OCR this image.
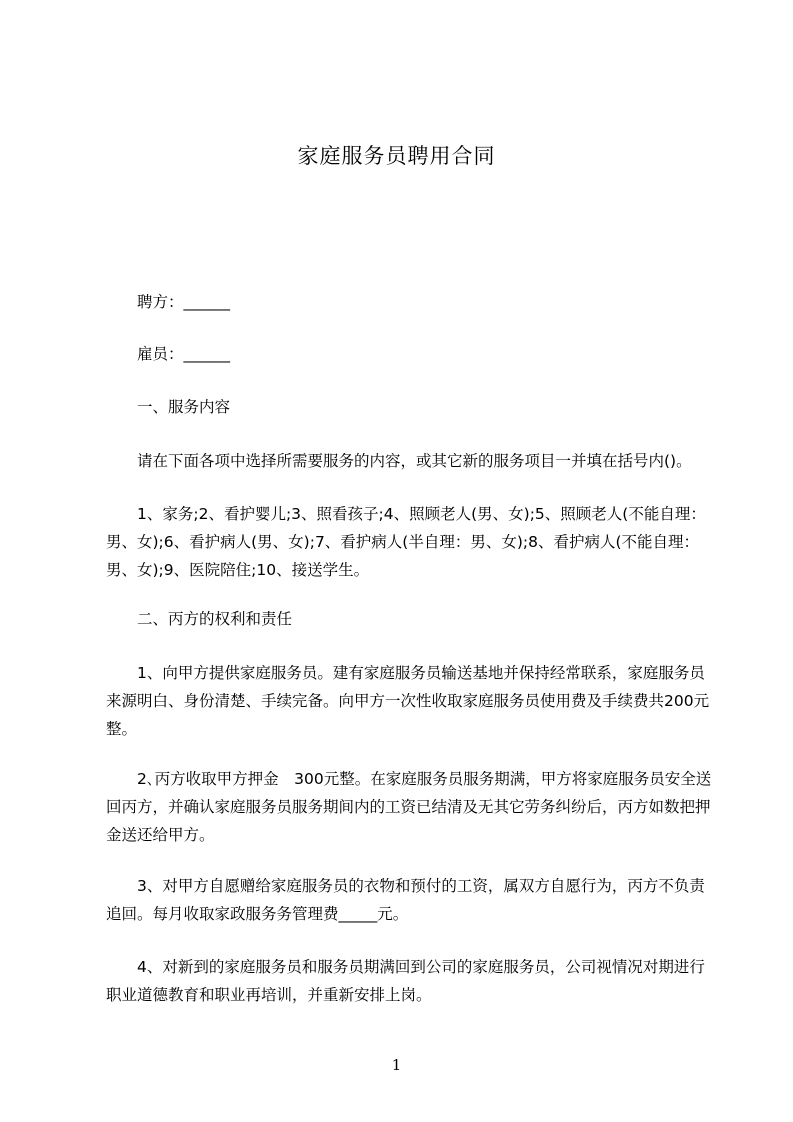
家庭服务员聘用合同

聘方：______

雇员：______

一、服务内容

请在下面各项中选择所需要服务的内容，或其它新的服务项目一并填在括号内()。

1、家务;2、看护婴儿;3、照看孩子;4、照顾老人(男、女);5、照顾老人(不能自理：男、女);6、看护病人(男、女);7、看护病人(半自理：男、女);8、看护病人(不能自理：男、女);9、医院陪住;10、接送学生。

二、丙方的权利和责任

1、向甲方提供家庭服务员。建有家庭服务员输送基地并保持经常联系，家庭服务员来源明白、身份清楚、手续完备。向甲方一次性收取家庭服务员使用费及手续费共200元整。

2､丙方收取甲方押金　300元整。在家庭服务员服务期满，甲方将家庭服务员安全送回丙方，并确认家庭服务员服务期间内的工资已结清及无其它劳务纠纷后，丙方如数把押金送还给甲方。

3、对甲方自愿赠给家庭服务员的衣物和预付的工资，属双方自愿行为，丙方不负责追回。每月收取家政服务务管理费_____元。

4、对新到的家庭服务员和服务员期满回到公司的家庭服务员，公司视情况对期进行职业道德教育和职业再培训，并重新安排上岗。

1
